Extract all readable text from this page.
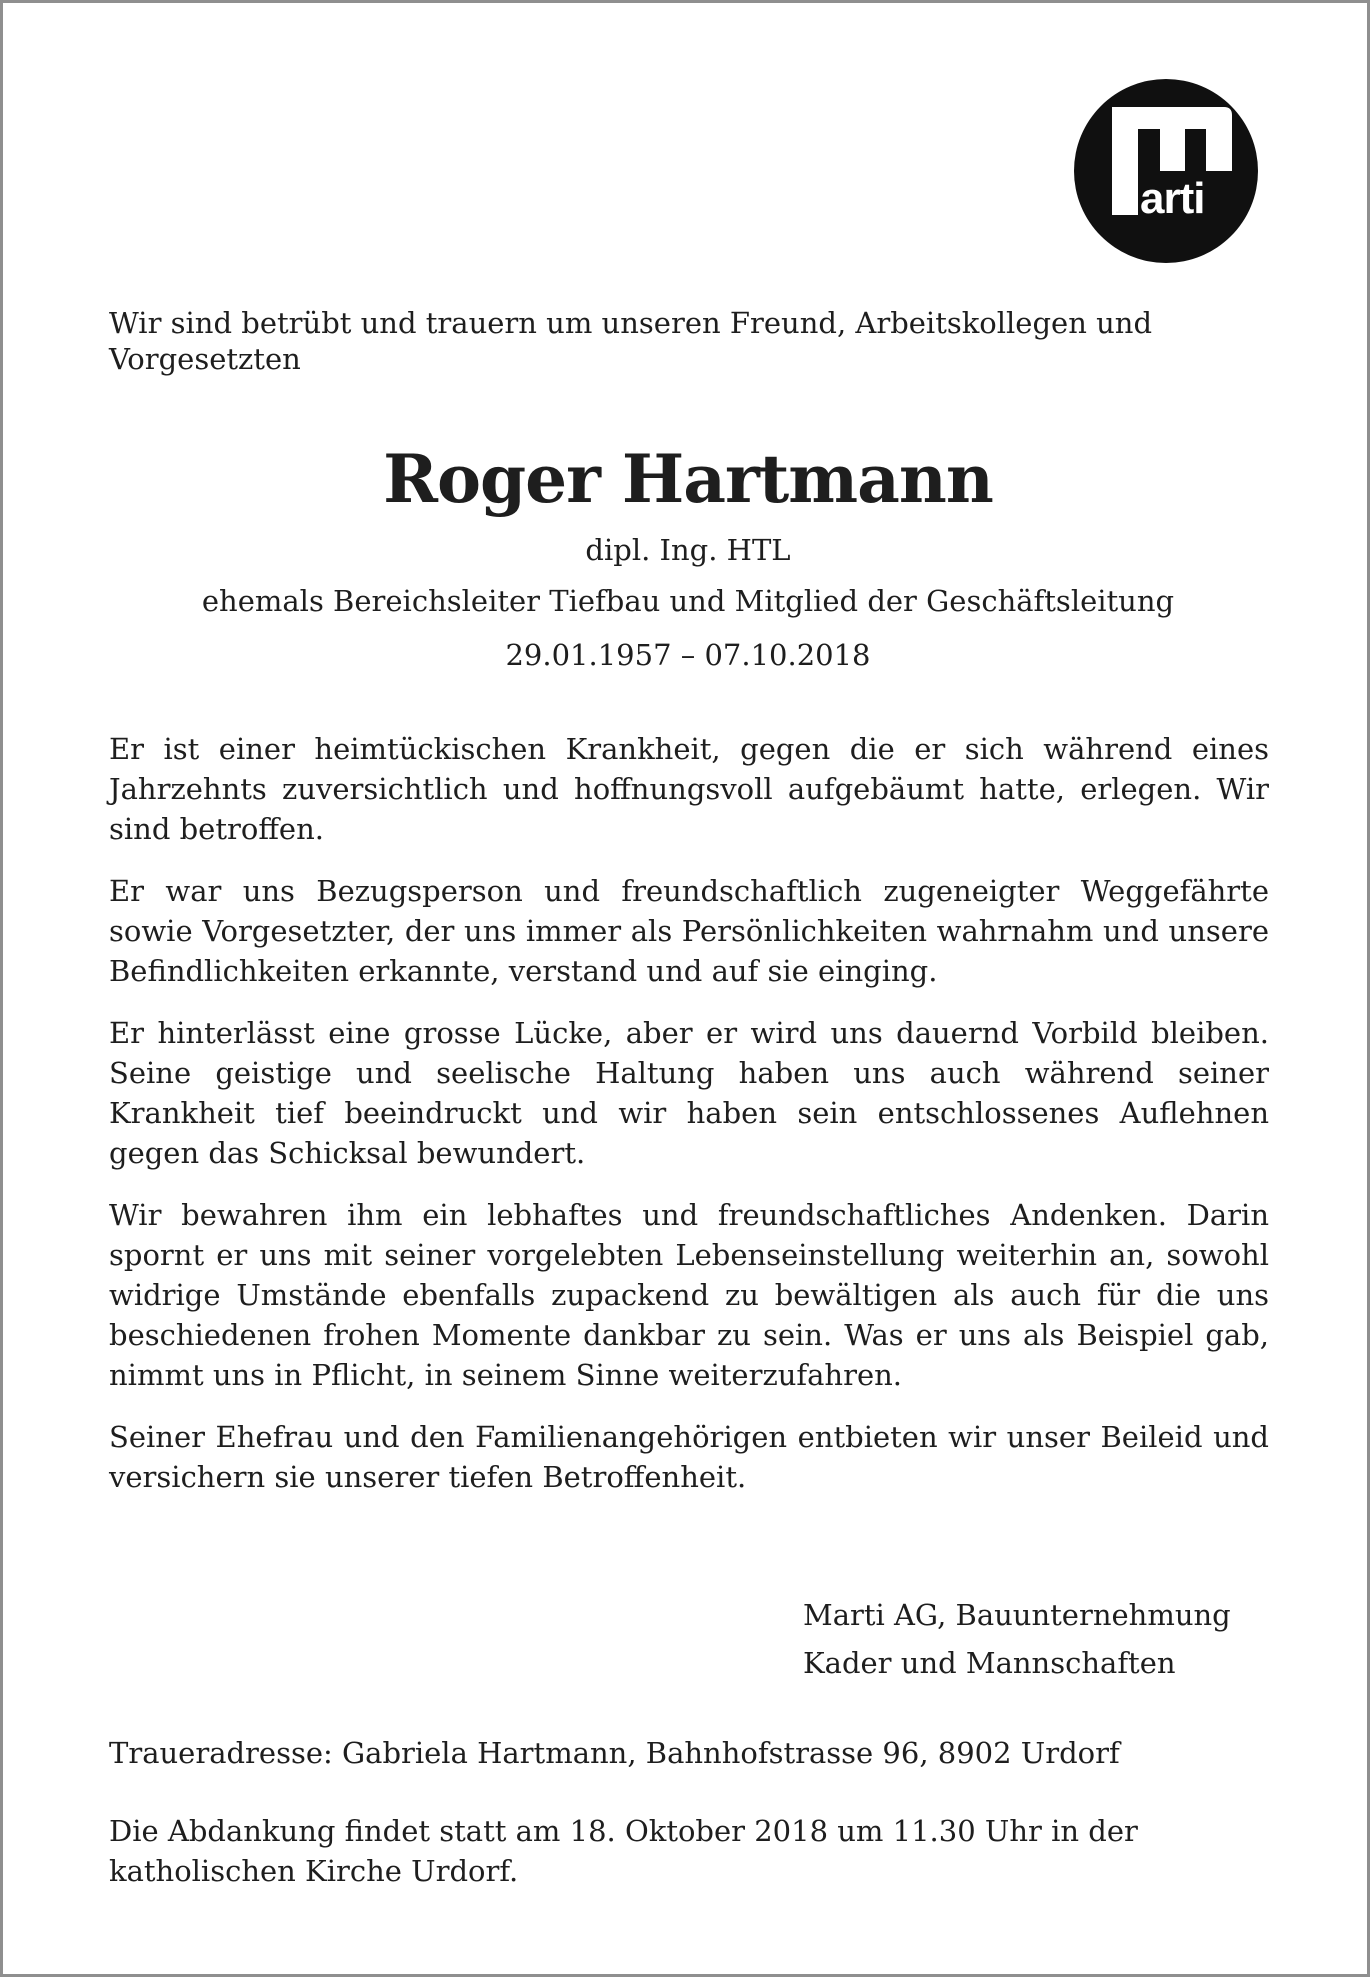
arti

Wir sind betrübt und trauern um unseren Freund, Arbeitskollegen und Vorgesetzten

Roger Hartmann

dipl. Ing. HTL

ehemals Bereichsleiter Tiefbau und Mitglied der Geschäftsleitung

29.01.1957 – 07.10.2018

Er ist einer heimtückischen Krankheit, gegen die er sich während eines Jahrzehnts zuversichtlich und hoffnungsvoll aufgebäumt hatte, erlegen. Wir sind betroffen.

Er war uns Bezugsperson und freundschaftlich zugeneigter Weggefährte sowie Vorgesetzter, der uns immer als Persönlichkeiten wahrnahm und unsere Befindlichkeiten erkannte, verstand und auf sie einging.

Er hinterlässt eine grosse Lücke, aber er wird uns dauernd Vorbild bleiben. Seine geistige und seelische Haltung haben uns auch während seiner Krankheit tief beeindruckt und wir haben sein entschlossenes Auflehnen gegen das Schicksal bewundert.

Wir bewahren ihm ein lebhaftes und freundschaftliches Andenken. Darin spornt er uns mit seiner vorgelebten Lebenseinstellung weiterhin an, sowohl widrige Umstände ebenfalls zupackend zu bewältigen als auch für die uns beschiedenen frohen Momente dankbar zu sein. Was er uns als Beispiel gab, nimmt uns in Pflicht, in seinem Sinne weiterzufahren.

Seiner Ehefrau und den Familienangehörigen entbieten wir unser Beileid und versichern sie unserer tiefen Betroffenheit.

Marti AG, Bauunternehmung
Kader und Mannschaften

Traueradresse: Gabriela Hartmann, Bahnhofstrasse 96, 8902 Urdorf

Die Abdankung findet statt am 18. Oktober 2018 um 11.30 Uhr in der katholischen Kirche Urdorf.
